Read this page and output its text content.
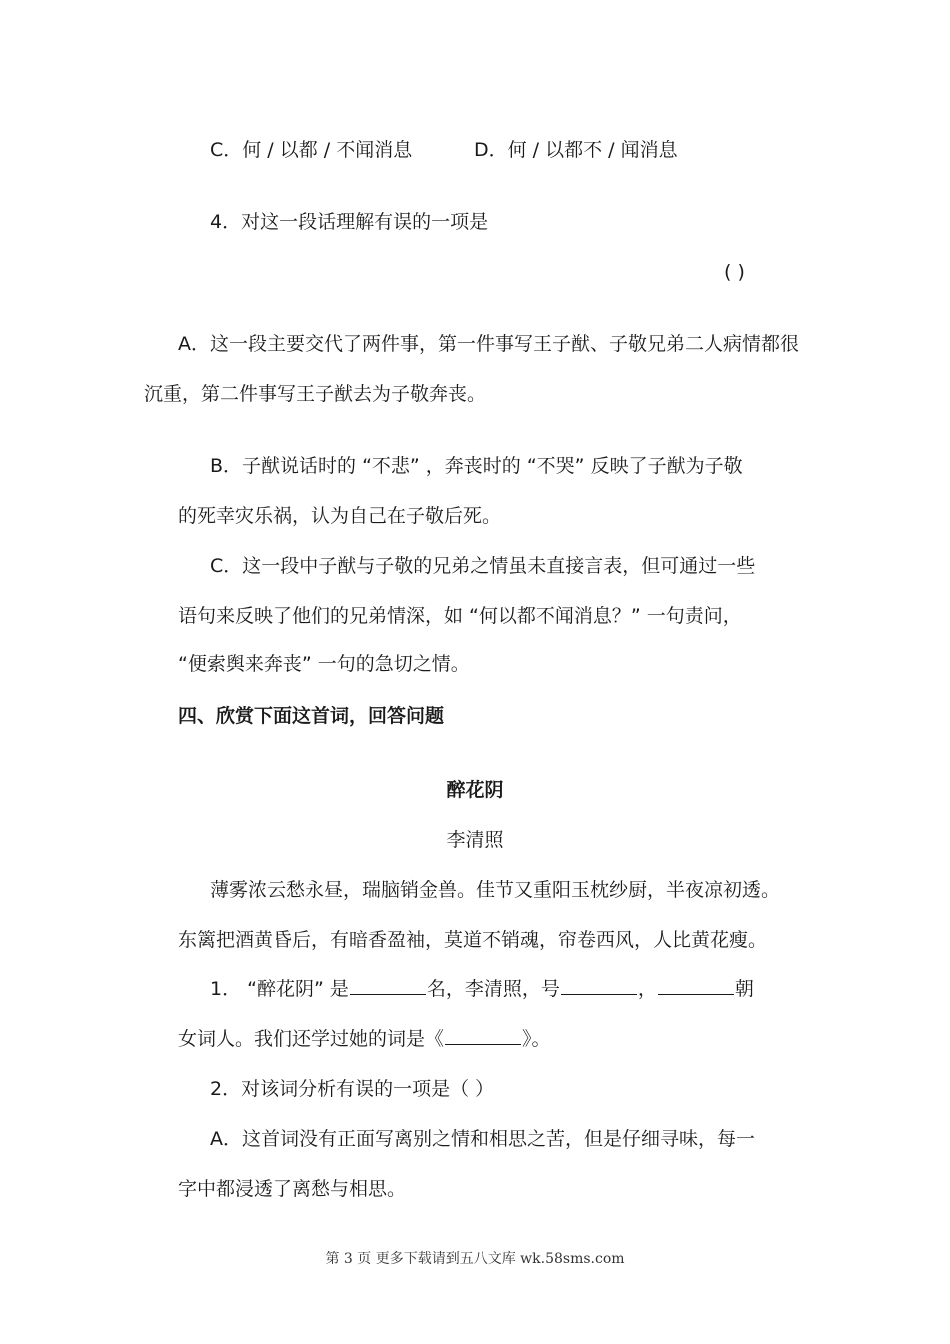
C．何 / 以都 / 不闻消息	D．何 / 以都不 / 闻消息
4．对这一段话理解有误的一项是
( )
A．这一段主要交代了两件事，第一件事写王子猷、子敬兄弟二人病情都很
沉重，第二件事写王子猷去为子敬奔丧。
B．子猷说话时的 “不悲” ，奔丧时的 “不哭” 反映了子猷为子敬
的死幸灾乐祸，认为自己在子敬后死。
C．这一段中子猷与子敬的兄弟之情虽未直接言表，但可通过一些
语句来反映了他们的兄弟情深，如 “何以都不闻消息？” 一句责问，
“便索舆来奔丧” 一句的急切之情。
四、欣赏下面这首词，回答问题
醉花阴
李清照
薄雾浓云愁永昼，瑞脑销金兽。佳节又重阳玉枕纱厨，半夜凉初透。
东篱把酒黄昏后，有暗香盈袖，莫道不销魂，帘卷西风，人比黄花瘦。
1． “醉花阴” 是	名，李清照，号	，	朝
女词人。我们还学过她的词是《	》。
2．对该词分析有误的一项是（ ）
A．这首词没有正面写离别之情和相思之苦，但是仔细寻味，每一
字中都浸透了离愁与相思。
第 3 页 更多下载请到五八文库 wk.58sms.com
